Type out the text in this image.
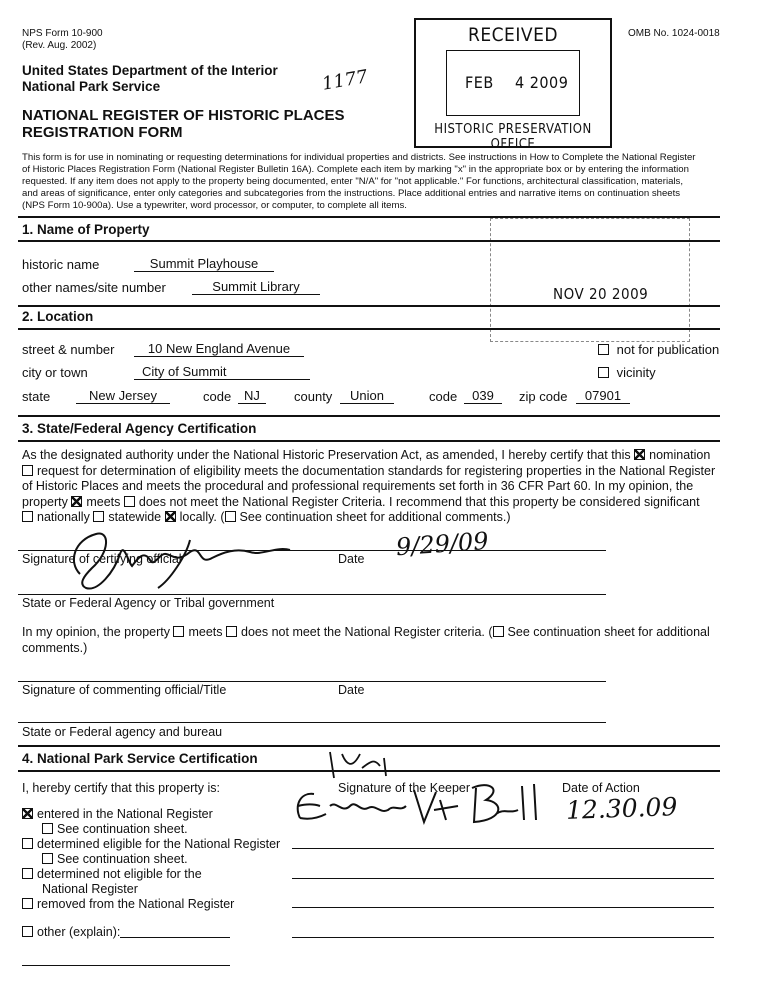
NPS Form 10-900
(Rev. Aug. 2002)
OMB No. 1024-0018
United States Department of the Interior
National Park Service
NATIONAL REGISTER OF HISTORIC PLACES
REGISTRATION FORM
1177
RECEIVED
FEB 4 2009
HISTORIC PRESERVATION OFFICE
This form is for use in nominating or requesting determinations for individual properties and districts. See instructions in How to Complete the National Register
of Historic Places Registration Form (National Register Bulletin 16A). Complete each item by marking "x" in the appropriate box or by entering the information
requested. If any item does not apply to the property being documented, enter "N/A" for "not applicable." For functions, architectural classification, materials,
and areas of significance, enter only categories and subcategories from the instructions. Place additional entries and narrative items on continuation sheets
(NPS Form 10-900a). Use a typewriter, word processor, or computer, to complete all items.
NOV 20 2009
1. Name of Property
historic name	Summit Playhouse
other names/site number	Summit Library
2. Location
street & number	10 New England Avenue	not for publication
city or town	City of Summit	vicinity
state	New Jersey	code NJ	county	Union	code	039	zip code	07901
3. State/Federal Agency Certification
As the designated authority under the National Historic Preservation Act, as amended, I hereby certify that this nomination
request for determination of eligibility meets the documentation standards for registering properties in the National Register
of Historic Places and meets the procedural and professional requirements set forth in 36 CFR Part 60. In my opinion, the
property meets does not meet the National Register Criteria. I recommend that this property be considered significant
nationally statewide locally. ( See continuation sheet for additional comments.)
Signature of certifying official	Date 9/29/09
State or Federal Agency or Tribal government
In my opinion, the property meets does not meet the National Register criteria. ( See continuation sheet for additional
comments.)
Signature of commenting official/Title	Date
State or Federal agency and bureau
4. National Park Service Certification
I, hereby certify that this property is:	Signature of the Keeper	Date of Action
12.30.09
entered in the National Register
See continuation sheet.
determined eligible for the National Register
See continuation sheet.
determined not eligible for the
National Register
removed from the National Register
other (explain):
